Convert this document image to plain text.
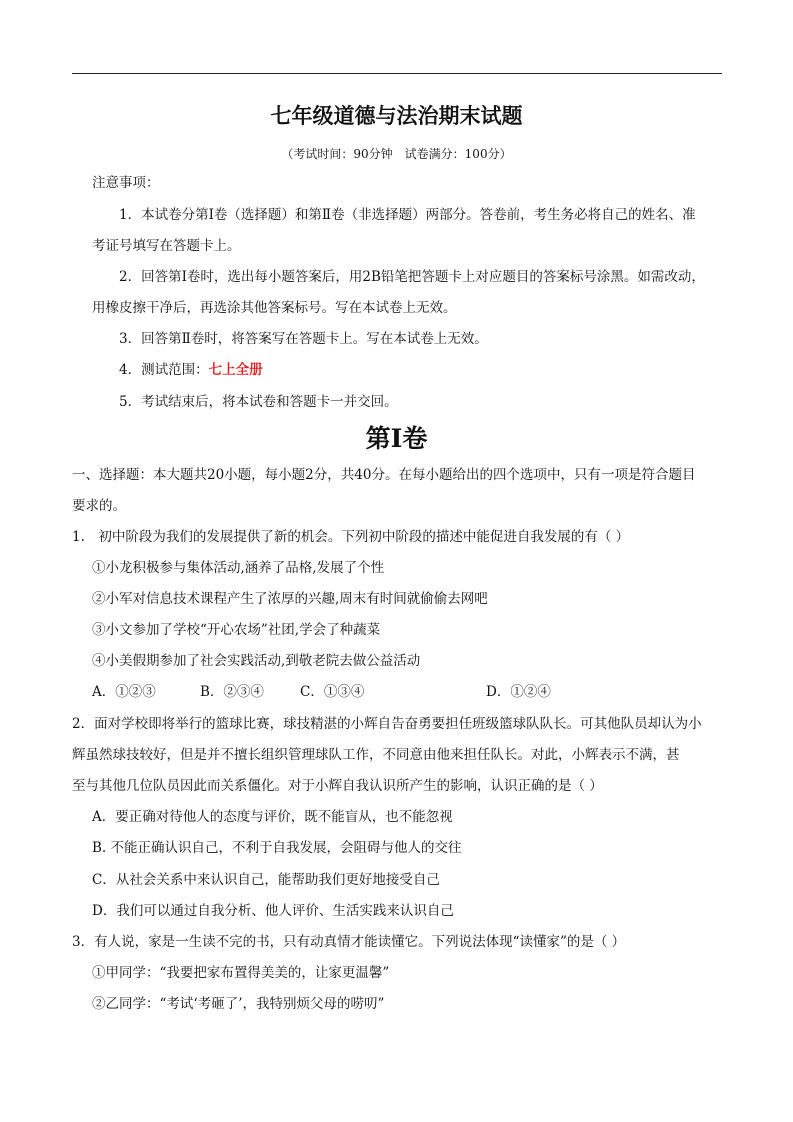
七年级道德与法治期末试题
（考试时间：90分钟　试卷满分：100分）
注意事项：
1．本试卷分第Ⅰ卷（选择题）和第Ⅱ卷（非选择题）两部分。答卷前，考生务必将自己的姓名、准
考证号填写在答题卡上。
2．回答第Ⅰ卷时，选出每小题答案后，用2B铅笔把答题卡上对应题目的答案标号涂黑。如需改动，
用橡皮擦干净后，再选涂其他答案标号。写在本试卷上无效。
3．回答第Ⅱ卷时，将答案写在答题卡上。写在本试卷上无效。
4．测试范围：七上全册
5．考试结束后，将本试卷和答题卡一并交回。
第Ⅰ卷
一、选择题：本大题共20小题，每小题2分，共40分。在每小题给出的四个选项中，只有一项是符合题目
要求的。
1.　初中阶段为我们的发展提供了新的机会。下列初中阶段的描述中能促进自我发展的有（ ）
①小龙积极参与集体活动,涵养了品格,发展了个性
②小军对信息技术课程产生了浓厚的兴趣,周末有时间就偷偷去网吧
③小文参加了学校“开心农场”社团,学会了种蔬菜
④小美假期参加了社会实践活动,到敬老院去做公益活动
A．①②③	B．②③④	C．①③④	D．①②④
2．面对学校即将举行的篮球比赛，球技精湛的小辉自告奋勇要担任班级篮球队队长。可其他队员却认为小
辉虽然球技较好，但是并不擅长组织管理球队工作，不同意由他来担任队长。对此，小辉表示不满，甚
至与其他几位队员因此而关系僵化。对于小辉自我认识所产生的影响，认识正确的是（ ）
A．要正确对待他人的态度与评价，既不能盲从，也不能忽视
B. 不能正确认识自己，不利于自我发展，会阻碍与他人的交往
C．从社会关系中来认识自己，能帮助我们更好地接受自己
D．我们可以通过自我分析、他人评价、生活实践来认识自己
3．有人说，家是一生读不完的书，只有动真情才能读懂它。下列说法体现“读懂家”的是（ ）
①甲同学：“我要把家布置得美美的，让家更温馨”
②乙同学：“考试‘考砸了’，我特别烦父母的唠叨”
